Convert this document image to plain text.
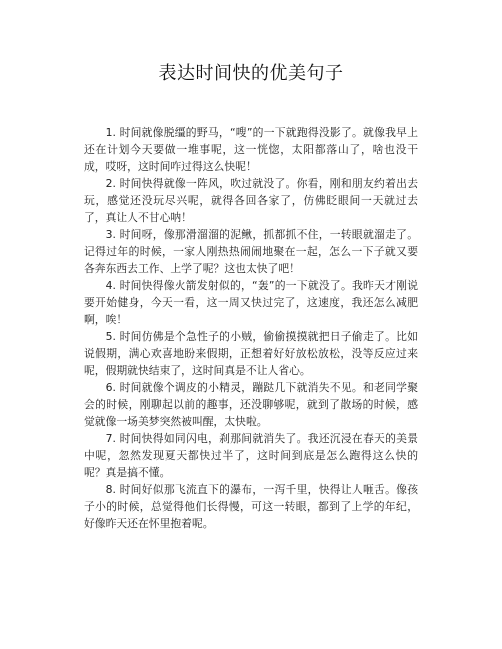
表达时间快的优美句子

1. 时间就像脱缰的野马，“嗖”的一下就跑得没影了。就像我早上还在计划今天要做一堆事呢，这一恍惚，太阳都落山了，啥也没干成，哎呀，这时间咋过得这么快呢！

2. 时间快得就像一阵风，吹过就没了。你看，刚和朋友约着出去玩，感觉还没玩尽兴呢，就得各回各家了，仿佛眨眼间一天就过去了，真让人不甘心呐！

3. 时间呀，像那滑溜溜的泥鳅，抓都抓不住，一转眼就溜走了。记得过年的时候，一家人刚热热闹闹地聚在一起，怎么一下子就又要各奔东西去工作、上学了呢？这也太快了吧！

4. 时间快得像火箭发射似的，“轰”的一下就没了。我昨天才刚说要开始健身，今天一看，这一周又快过完了，这速度，我还怎么减肥啊，唉！

5. 时间仿佛是个急性子的小贼，偷偷摸摸就把日子偷走了。比如说假期，满心欢喜地盼来假期，正想着好好放松放松，没等反应过来呢，假期就快结束了，这时间真是不让人省心。

6. 时间就像个调皮的小精灵，蹦跶几下就消失不见。和老同学聚会的时候，刚聊起以前的趣事，还没聊够呢，就到了散场的时候，感觉就像一场美梦突然被叫醒，太快啦。

7. 时间快得如同闪电，刹那间就消失了。我还沉浸在春天的美景中呢，忽然发现夏天都快过半了，这时间到底是怎么跑得这么快的呢？真是搞不懂。

8. 时间好似那飞流直下的瀑布，一泻千里，快得让人咂舌。像孩子小的时候，总觉得他们长得慢，可这一转眼，都到了上学的年纪，好像昨天还在怀里抱着呢。
